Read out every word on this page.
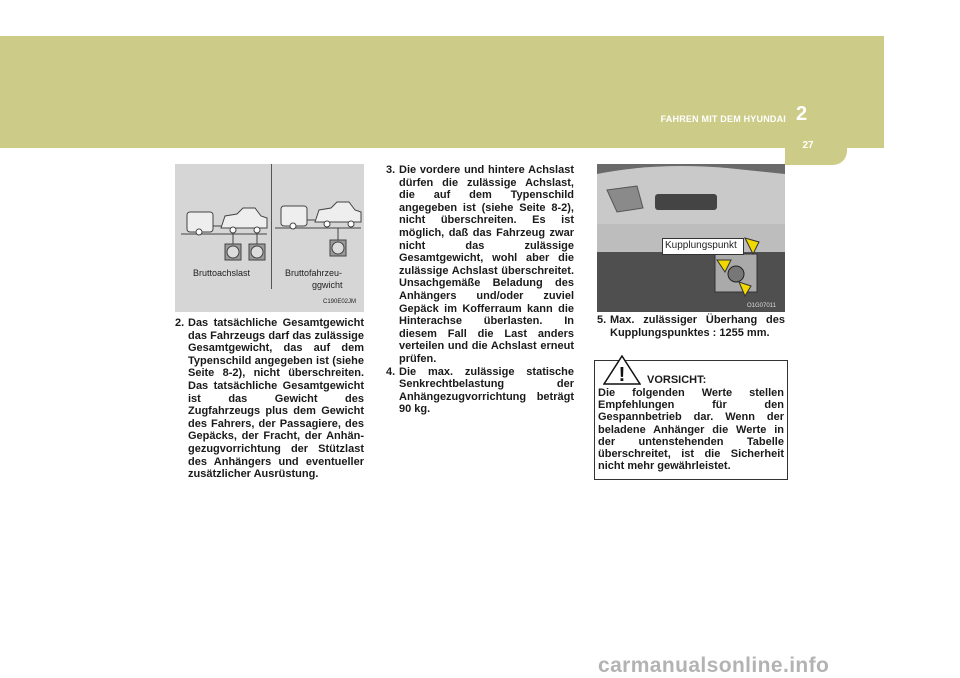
FAHREN MIT DEM HYUNDAI 2
27
Bruttoachslast	Bruttofahrzeu-
ggwicht
C190E02JM
Kupplungspunkt
O1G07011
2. Das tatsächliche Gesamtgewicht das Fahrzeugs darf das zulässige Gesamtgewicht, das auf dem Typenschild angegeben ist (siehe Seite 8-2), nicht überschreiten. Das tatsächliche Gesamtgewicht ist das Gewicht des Zugfahrzeugs plus dem Gewicht des Fahrers, der Passagiere, des Gepäcks, der Fracht, der Anhän-gezugvorrichtung der Stützlast des Anhängers und eventueller zusätzlicher Ausrüstung.
3. Die vordere und hintere Achslast dürfen die zulässige Achslast, die auf dem Typenschild angegeben ist (siehe Seite 8-2), nicht überschreiten. Es ist möglich, daß das Fahrzeug zwar nicht das zulässige Gesamtgewicht, wohl aber die zulässige Achslast überschreitet. Unsachgemäße Beladung des Anhängers und/oder zuviel Gepäck im Kofferraum kann die Hinterachse überlasten. In diesem Fall die Last anders verteilen und die Achslast erneut prüfen.
4. Die max. zulässige statische Senkrechtbelastung der Anhängezugvorrichtung beträgt 90 kg.
5. Max. zulässiger Überhang des Kupplungspunktes : 1255 mm.
! VORSICHT:
Die folgenden Werte stellen Empfehlungen für den Gespannbetrieb dar. Wenn der beladene Anhänger die Werte in der untenstehenden Tabelle überschreitet, ist die Sicherheit nicht mehr gewährleistet.
carmanualsonline.info
